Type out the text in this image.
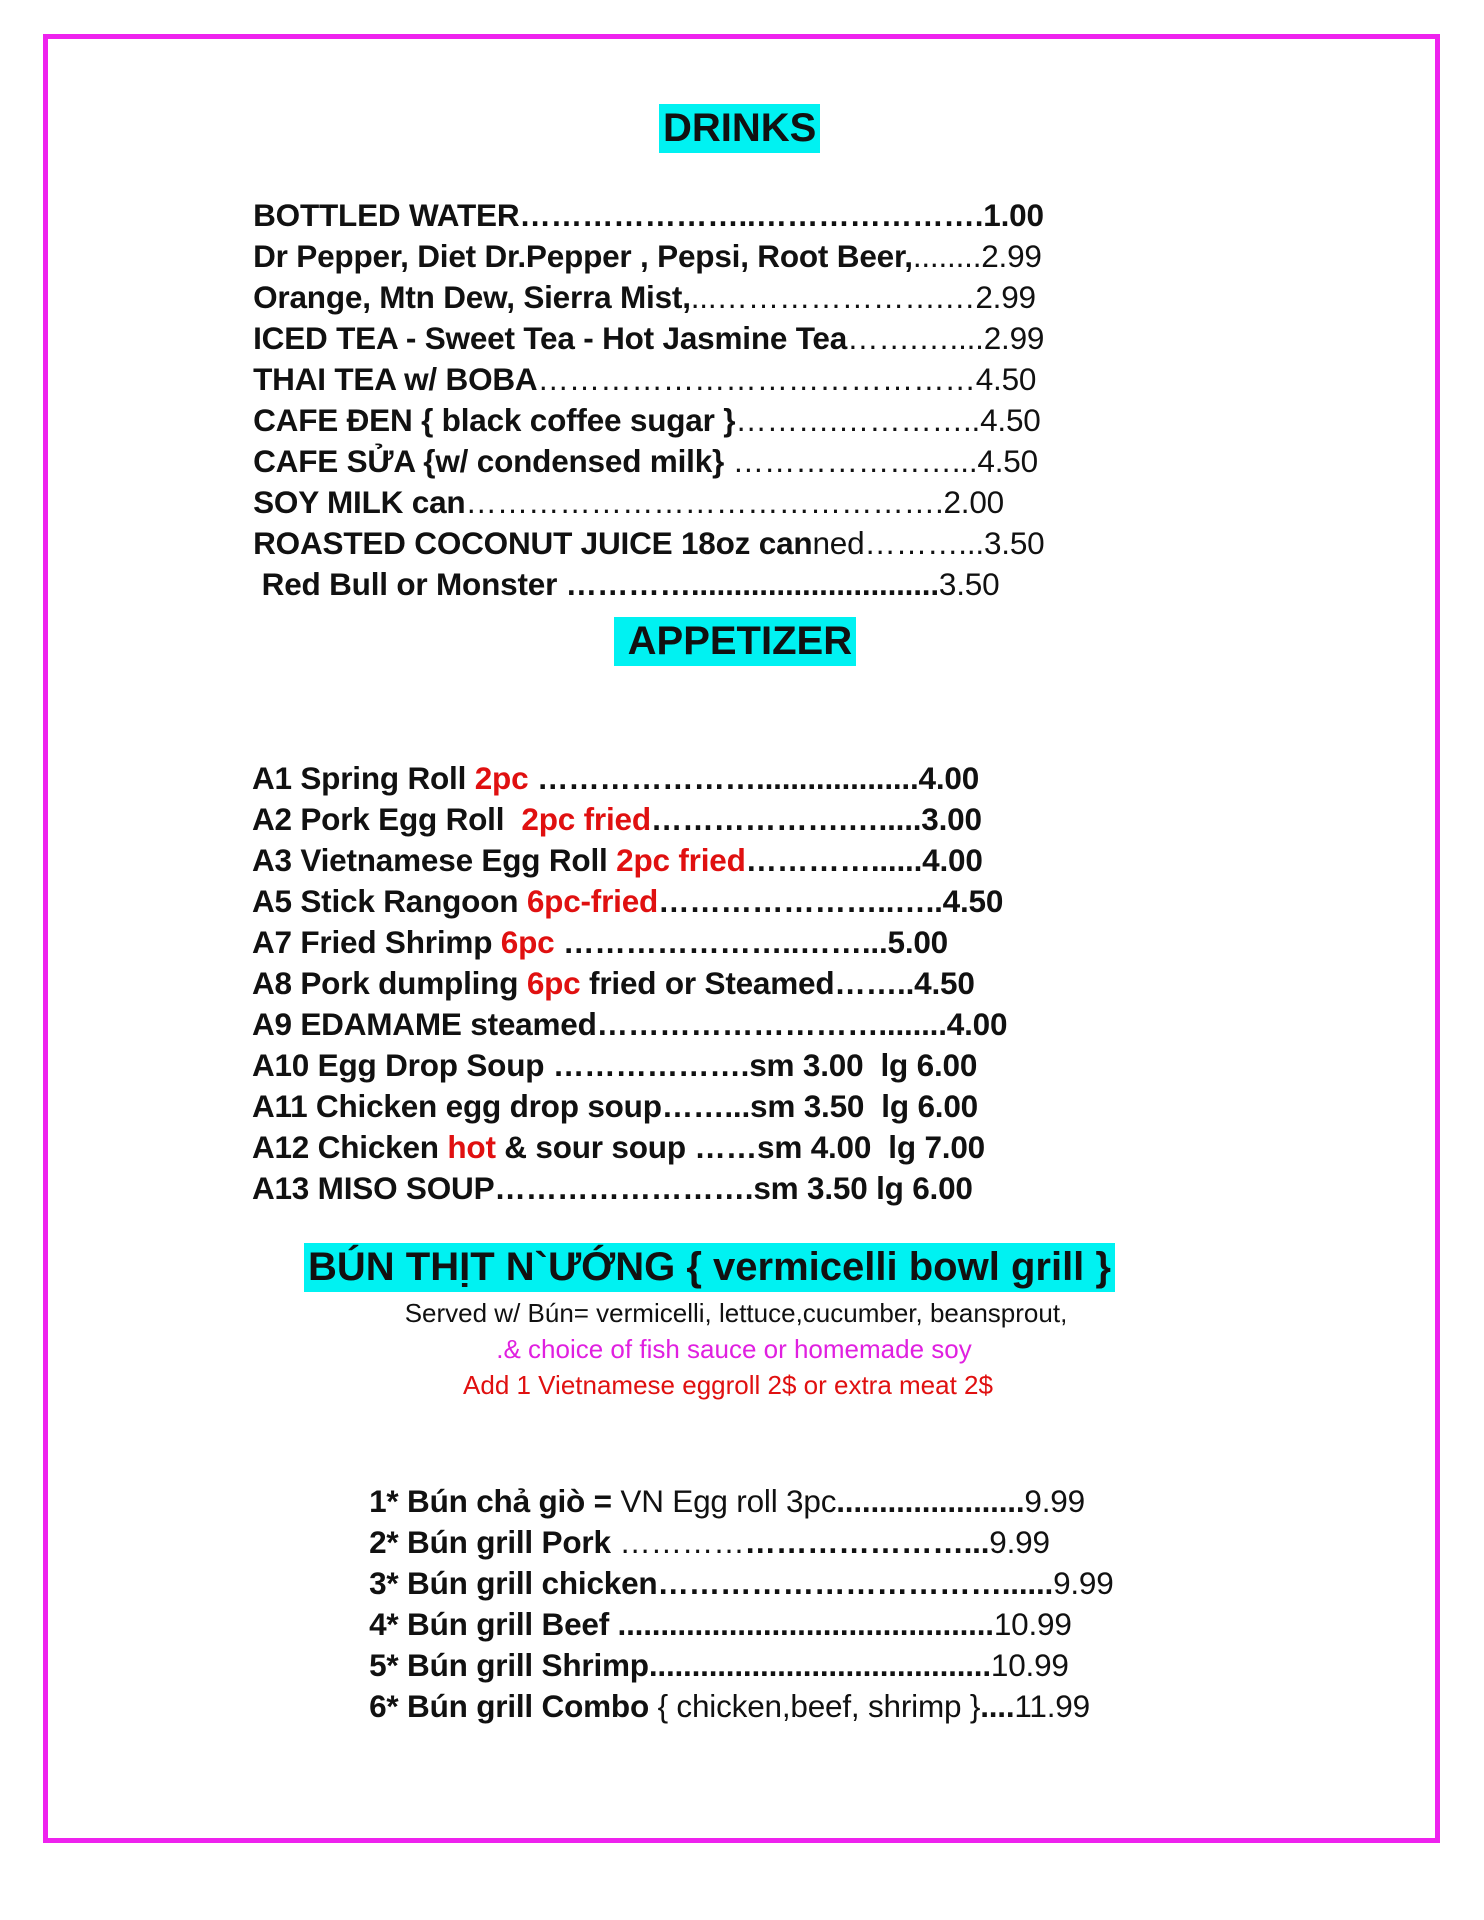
DRINKS

BOTTLED WATER…………………..………………….1.00

Dr Pepper, Diet Dr.Pepper , Pepsi, Root Beer,........2.99

Orange, Mtn Dew, Sierra Mist,...………………….…2.99

ICED TEA - Sweet Tea - Hot Jasmine Tea…….…....2.99

THAI TEA w/ BOBA……………………………………4.50

CAFE ĐEN { black coffee sugar }……….…………..4.50

CAFE SỬA {w/ condensed milk} …………………...4.50

SOY MILK can……………………………………….2.00

ROASTED COCONUT JUICE 18oz canned………...3.50

Red Bull or Monster ………….............................3.50

APPETIZER

A1 Spring Roll 2pc …………………...................4.00

A2 Pork Egg Roll  2pc fried……………….….....3.00

A3 Vietnamese Egg Roll 2pc fried…………......4.00

A5 Stick Rangoon 6pc-fried…………………..…..4.50

A7 Fried Shrimp 6pc …………………..……...5.00

A8 Pork dumpling 6pc fried or Steamed……..4.50

A9 EDAMAME steamed………………………........4.00

A10 Egg Drop Soup ……………….sm 3.00  lg 6.00

A11 Chicken egg drop soup……...sm 3.50  lg 6.00

A12 Chicken hot & sour soup ……sm 4.00  lg 7.00

A13 MISO SOUP…………………….sm 3.50 lg 6.00

BÚN THỊT N`ƯỚNG { vermicelli bowl grill }
Served w/ Bún= vermicelli, lettuce,cucumber, beansprout,
.& choice of fish sauce or homemade soy
Add 1 Vietnamese eggroll 2$ or extra meat 2$

1* Bún chả giò = VN Egg roll 3pc......................9.99

2* Bún grill Pork ……………………………...9.99

3* Bún grill chicken……………………………......9.99

4* Bún grill Beef ............................................10.99

5* Bún grill Shrimp........................................10.99

6* Bún grill Combo { chicken,beef, shrimp }....11.99
